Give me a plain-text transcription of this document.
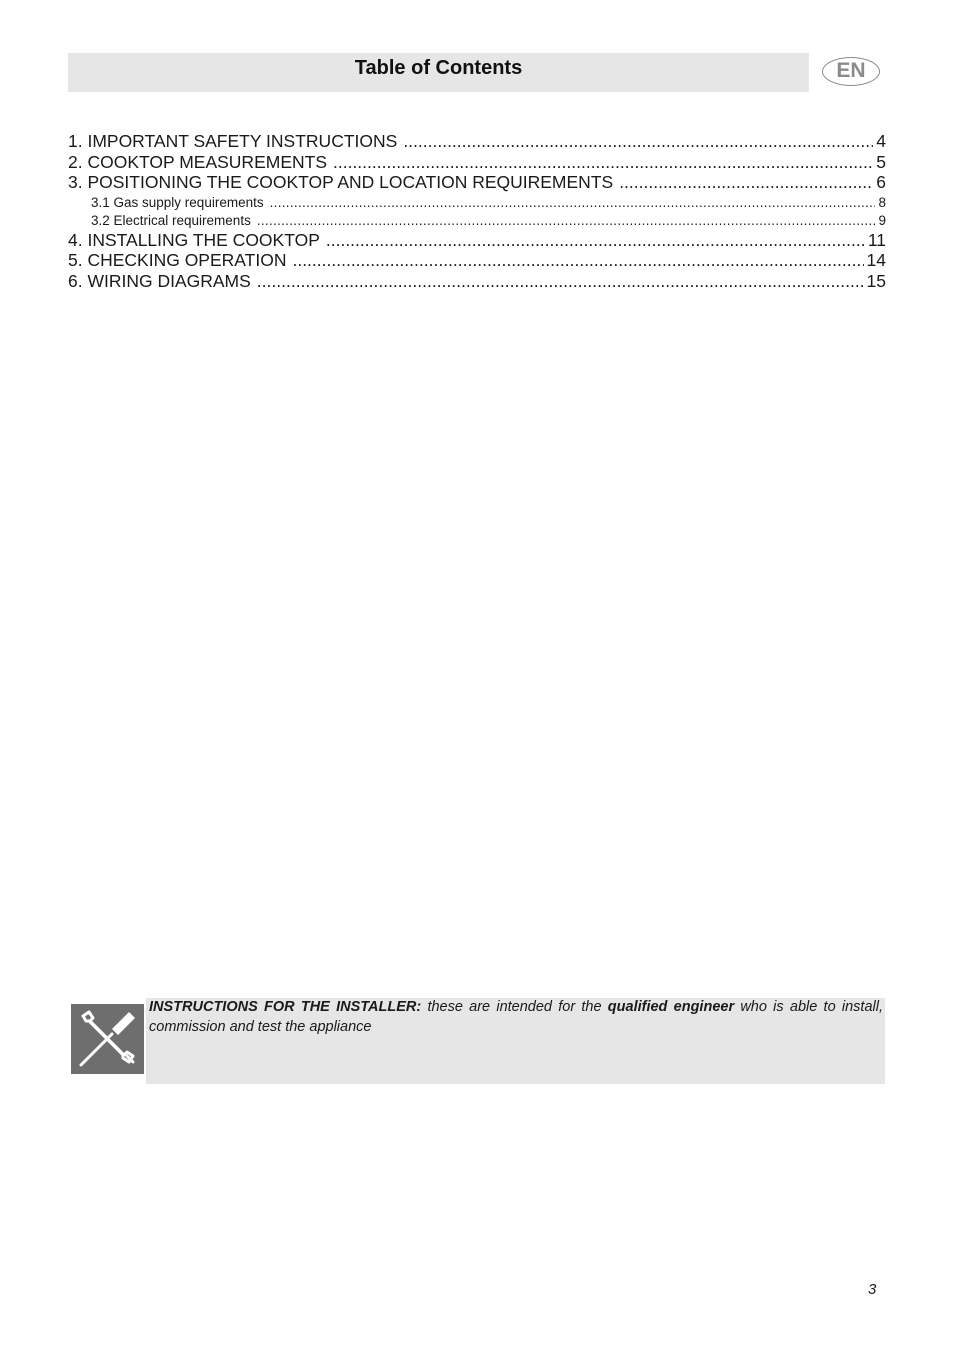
Table of Contents	EN
1. IMPORTANT SAFETY INSTRUCTIONS .....	4
2. COOKTOP MEASUREMENTS .....	5
3. POSITIONING THE COOKTOP AND LOCATION REQUIREMENTS .....	6
3.1 Gas supply requirements .....	8
3.2 Electrical requirements .....	9
4. INSTALLING THE COOKTOP .....	11
5. CHECKING OPERATION .....	14
6. WIRING DIAGRAMS .....	15
INSTRUCTIONS FOR THE INSTALLER: these are intended for the qualified engineer who is able to install, commission and test the appliance
3
